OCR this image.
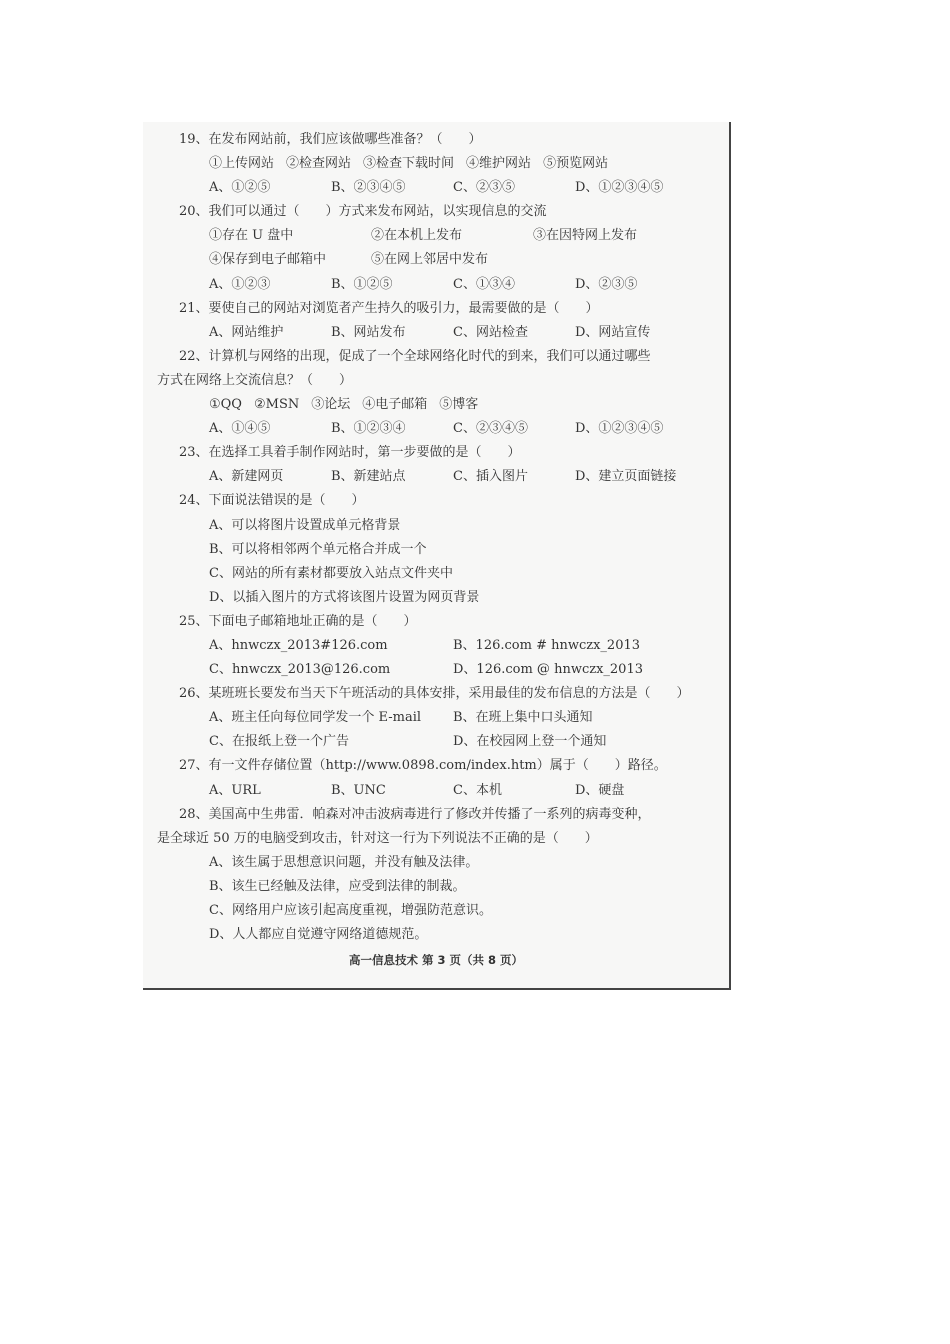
19、在发布网站前，我们应该做哪些准备？（　　）
①上传网站 ②检查网站 ③检查下载时间 ④维护网站 ⑤预览网站
A、①②⑤	B、②③④⑤	C、②③⑤	D、①②③④⑤
20、我们可以通过（　　）方式来发布网站，以实现信息的交流
①存在 U 盘中	②在本机上发布	③在因特网上发布
④保存到电子邮箱中	⑤在网上邻居中发布
A、①②③	B、①②⑤	C、①③④	D、②③⑤
21、要使自己的网站对浏览者产生持久的吸引力，最需要做的是（　　）
A、网站维护	B、网站发布	C、网站检查	D、网站宣传
22、计算机与网络的出现，促成了一个全球网络化时代的到来，我们可以通过哪些
方式在网络上交流信息？（　　）
①QQ ②MSN ③论坛 ④电子邮箱 ⑤博客
A、①④⑤	B、①②③④	C、②③④⑤	D、①②③④⑤
23、在选择工具着手制作网站时，第一步要做的是（　　）
A、新建网页	B、新建站点	C、插入图片	D、建立页面链接
24、下面说法错误的是（　　）
A、可以将图片设置成单元格背景
B、可以将相邻两个单元格合并成一个
C、网站的所有素材都要放入站点文件夹中
D、以插入图片的方式将该图片设置为网页背景
25、下面电子邮箱地址正确的是（　　）
A、hnwczx_2013#126.com	B、126.com # hnwczx_2013
C、hnwczx_2013@126.com	D、126.com @ hnwczx_2013
26、某班班长要发布当天下午班活动的具体安排，采用最佳的发布信息的方法是（　　）
A、班主任向每位同学发一个 E-mail	B、在班上集中口头通知
C、在报纸上登一个广告	D、在校园网上登一个通知
27、有一文件存储位置（http://www.0898.com/index.htm）属于（　　）路径。
A、URL	B、UNC	C、本机	D、硬盘
28、美国高中生弗雷．帕森对冲击波病毒进行了修改并传播了一系列的病毒变种，
是全球近 50 万的电脑受到攻击，针对这一行为下列说法不正确的是（　　）
A、该生属于思想意识问题，并没有触及法律。
B、该生已经触及法律，应受到法律的制裁。
C、网络用户应该引起高度重视，增强防范意识。
D、人人都应自觉遵守网络道德规范。
高一信息技术 第 3 页（共 8 页）
